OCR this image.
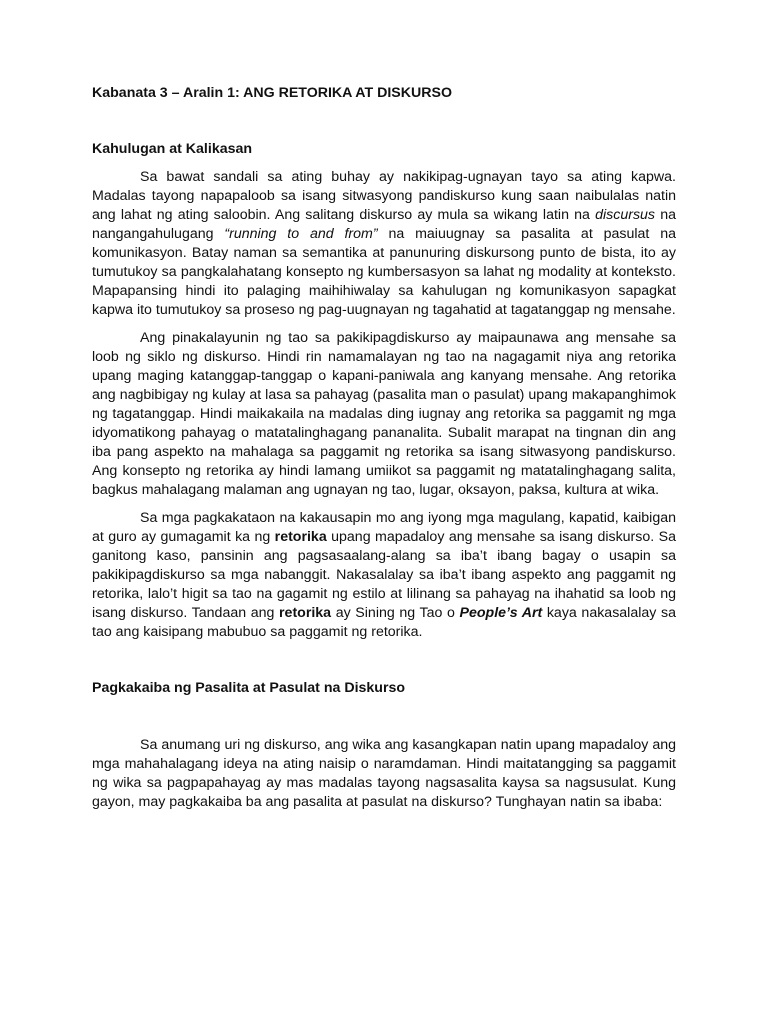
Kabanata 3 – Aralin 1: ANG RETORIKA AT DISKURSO
Kahulugan at Kalikasan

Sa bawat sandali sa ating buhay ay nakikipag-ugnayan tayo sa ating kapwa. Madalas tayong napapaloob sa isang sitwasyong pandiskurso kung saan naibulalas natin ang lahat ng ating saloobin. Ang salitang diskurso ay mula sa wikang latin na discursus na nangangahulugang “running to and from” na maiuugnay sa pasalita at pasulat na komunikasyon. Batay naman sa semantika at panunuring diskursong punto de bista, ito ay tumutukoy sa pangkalahatang konsepto ng kumbersasyon sa lahat ng modality at konteksto. Mapapansing hindi ito palaging maihihiwalay sa kahulugan ng komunikasyon sapagkat kapwa ito tumutukoy sa proseso ng pag-uugnayan ng tagahatid at tagatanggap ng mensahe.

Ang pinakalayunin ng tao sa pakikipagdiskurso ay maipaunawa ang mensahe sa loob ng siklo ng diskurso. Hindi rin namamalayan ng tao na nagagamit niya ang retorika upang maging katanggap-tanggap o kapani-paniwala ang kanyang mensahe. Ang retorika ang nagbibigay ng kulay at lasa sa pahayag (pasalita man o pasulat) upang makapanghimok ng tagatanggap. Hindi maikakaila na madalas ding iugnay ang retorika sa paggamit ng mga idyomatikong pahayag o matatalinghagang pananalita. Subalit marapat na tingnan din ang iba pang aspekto na mahalaga sa paggamit ng retorika sa isang sitwasyong pandiskurso. Ang konsepto ng retorika ay hindi lamang umiikot sa paggamit ng matatalinghagang salita, bagkus mahalagang malaman ang ugnayan ng tao, lugar, oksayon, paksa, kultura at wika.

Sa mga pagkakataon na kakausapin mo ang iyong mga magulang, kapatid, kaibigan at guro ay gumagamit ka ng retorika upang mapadaloy ang mensahe sa isang diskurso. Sa ganitong kaso, pansinin ang pagsasaalang-alang sa iba’t ibang bagay o usapin sa pakikipagdiskurso sa mga nabanggit. Nakasalalay sa iba’t ibang aspekto ang paggamit ng retorika, lalo’t higit sa tao na gagamit ng estilo at lilinang sa pahayag na ihahatid sa loob ng isang diskurso. Tandaan ang retorika ay Sining ng Tao o People’s Art kaya nakasalalay sa tao ang kaisipang mabubuo sa paggamit ng retorika.

Pagkakaiba ng Pasalita at Pasulat na Diskurso

Sa anumang uri ng diskurso, ang wika ang kasangkapan natin upang mapadaloy ang mga mahahalagang ideya na ating naisip o naramdaman. Hindi maitatangging sa paggamit ng wika sa pagpapahayag ay mas madalas tayong nagsasalita kaysa sa nagsusulat. Kung gayon, may pagkakaiba ba ang pasalita at pasulat na diskurso? Tunghayan natin sa ibaba:
